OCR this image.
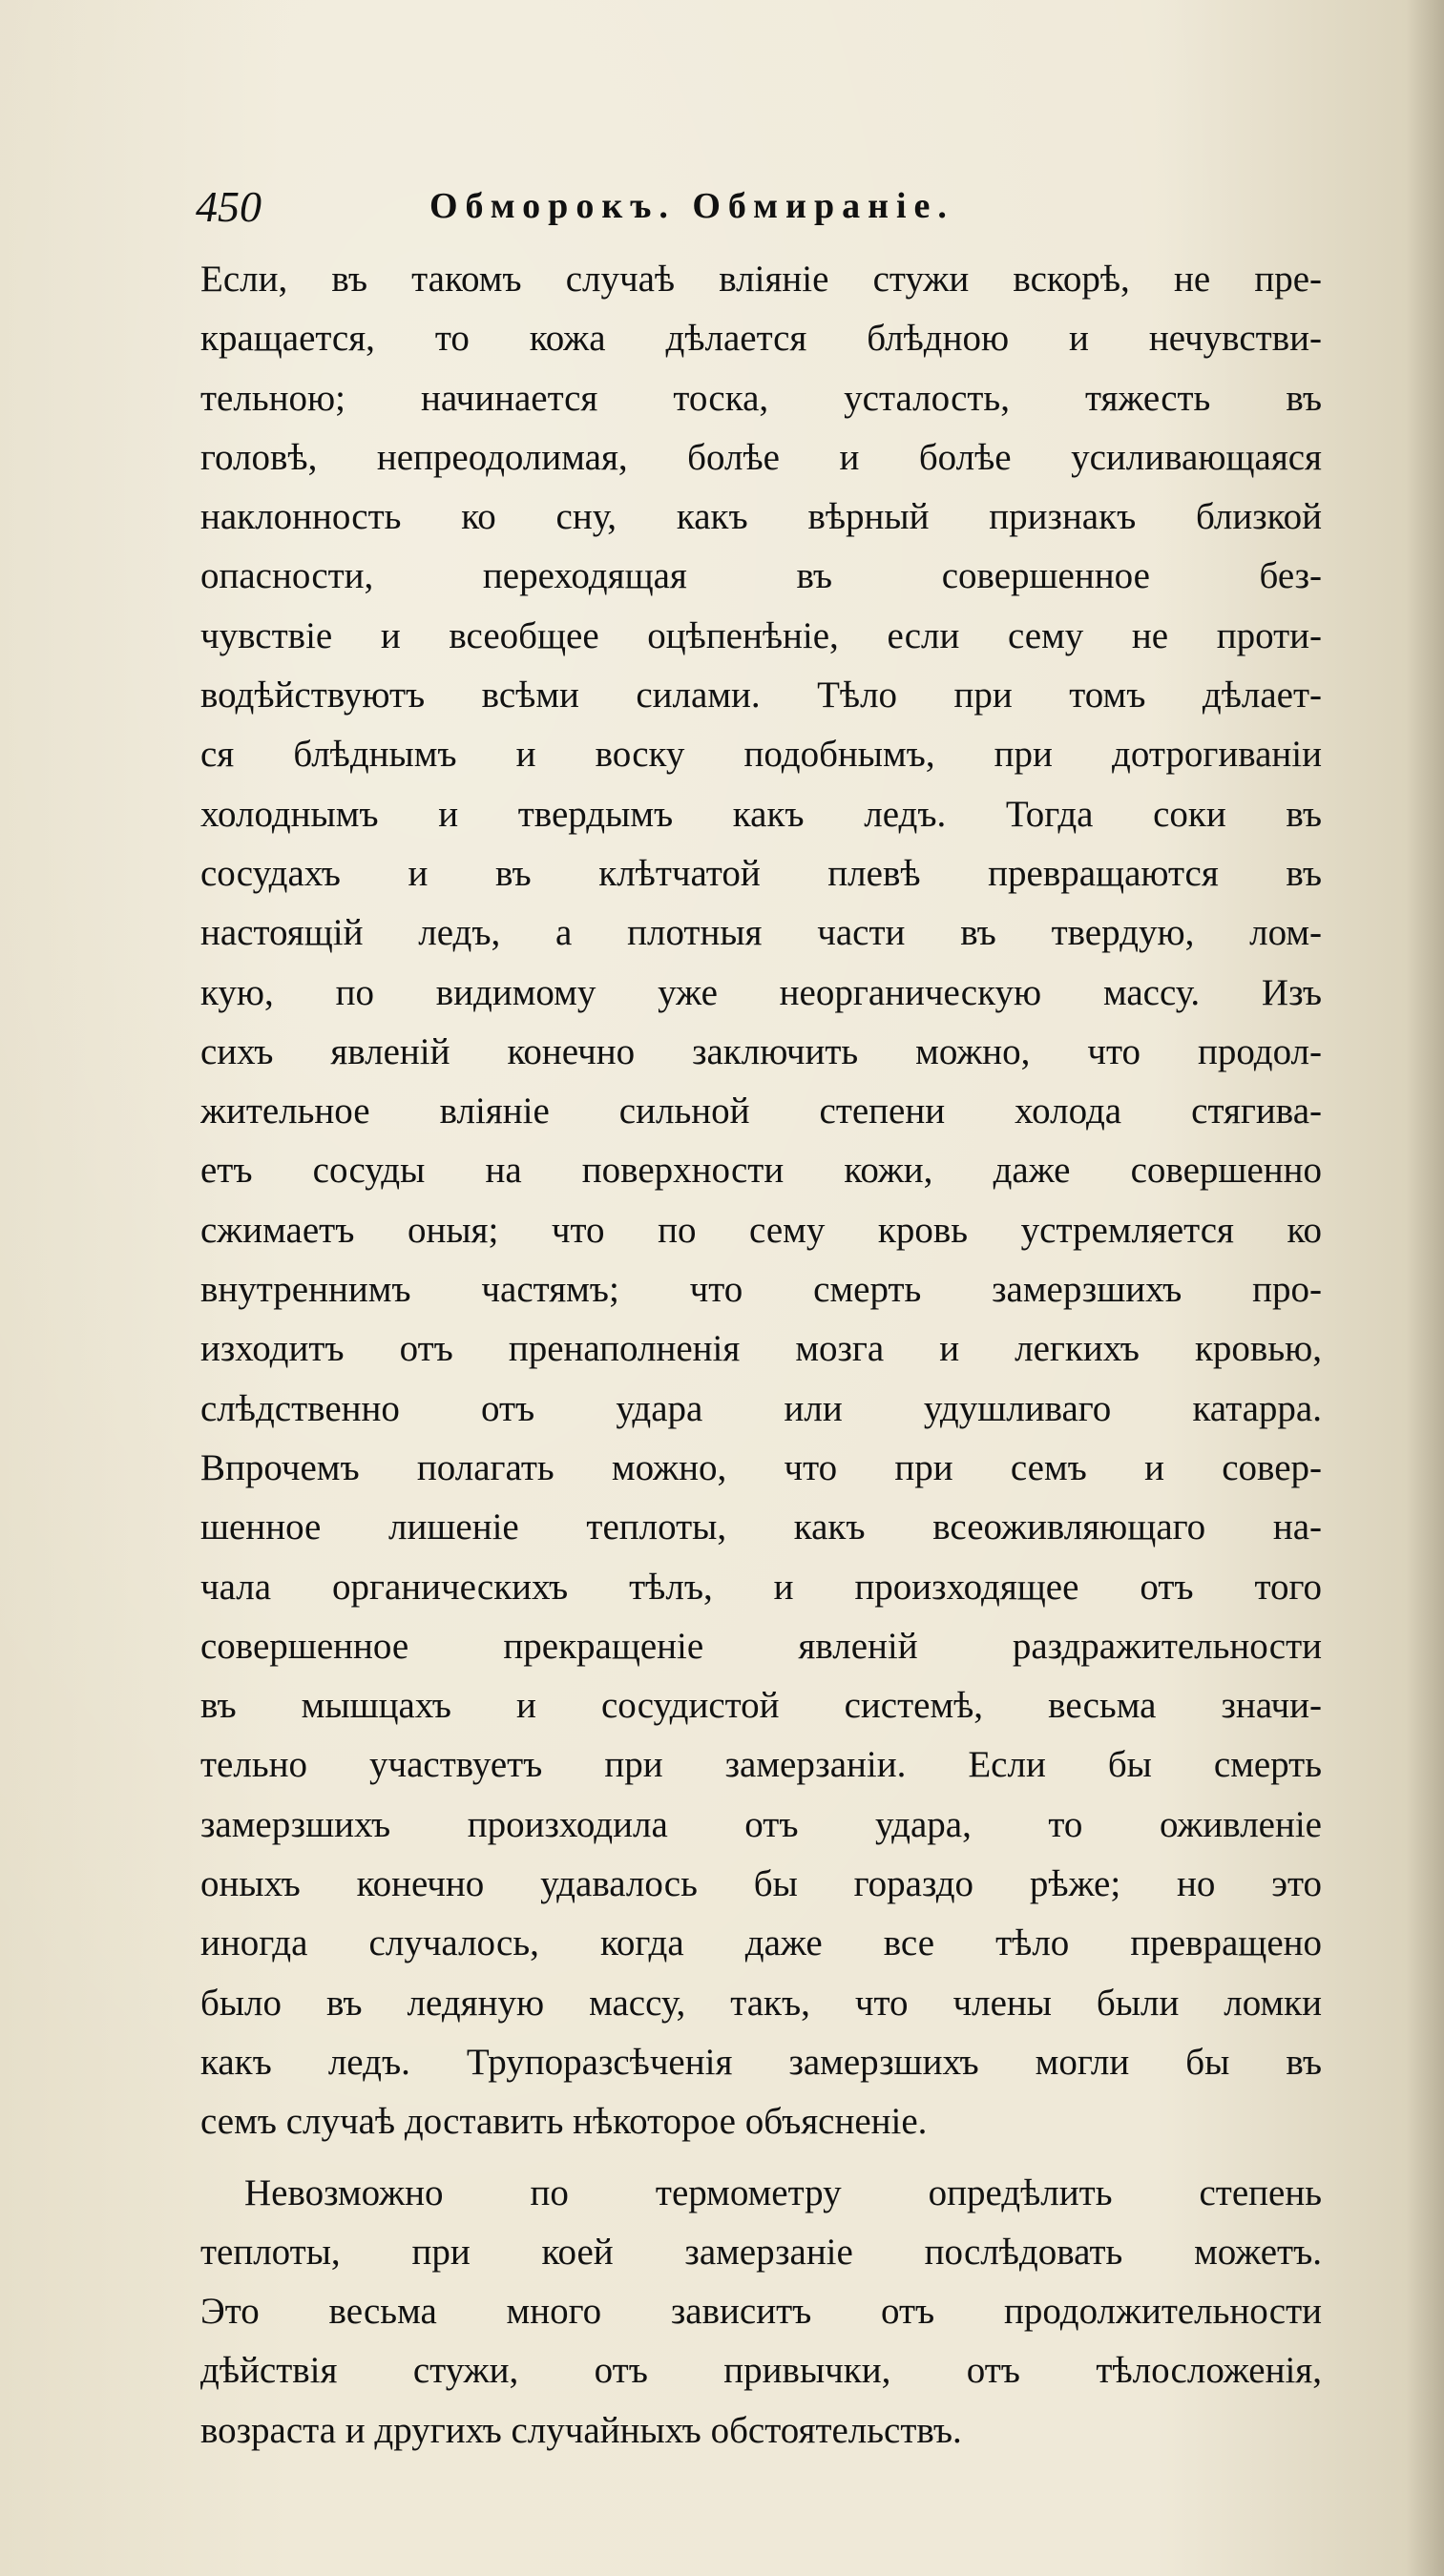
450	Обморокъ. Обмиранiе.
Если, въ такомъ случаѣ влiянiе стужи вскорѣ, не пре-
кращается, то кожа дѣлается блѣдною и нечувстви-
тельною; начинается тоска, усталость, тяжесть въ
головѣ, непреодолимая, болѣе и болѣе усиливающаяся
наклонность ко сну, какъ вѣрный признакъ близкой
опасности, переходящая въ совершенное без-
чувствiе и всеобщее оцѣпенѣнiе, если сему не проти-
водѣйствуютъ всѣми силами. Тѣло при томъ дѣлает-
ся блѣднымъ и воску подобнымъ, при дотрогиванiи
холоднымъ и твердымъ какъ ледъ. Тогда соки въ
сосудахъ и въ клѣтчатой плевѣ превращаются въ
настоящiй ледъ, а плотныя части въ твердую, лом-
кую, по видимому уже неорганическую массу. Изъ
сихъ явленiй конечно заключить можно, что продол-
жительное влiянiе сильной степени холода стягива-
етъ сосуды на поверхности кожи, даже совершенно
сжимаетъ оныя; что по сему кровь устремляется ко
внутреннимъ частямъ; что смерть замерзшихъ про-
изходитъ отъ пренаполненiя мозга и легкихъ кровью,
слѣдственно отъ удара или удушливаго катарра.
Впрочемъ полагать можно, что при семъ и совер-
шенное лишенiе теплоты, какъ всеоживляющаго на-
чала органическихъ тѣлъ, и произходящее отъ того
совершенное прекращенiе явленiй раздражительности
въ мышцахъ и сосудистой системѣ, весьма значи-
тельно участвуетъ при замерзанiи. Если бы смерть
замерзшихъ произходила отъ удара, то оживленiе
оныхъ конечно удавалось бы гораздо рѣже; но это
иногда случалось, когда даже все тѣло превращено
было въ ледяную массу, такъ, что члены были ломки
какъ ледъ. Трупоразсѣченiя замерзшихъ могли бы въ
семъ случаѣ доставить нѣкоторое объясненiе.
Невозможно по термометру опредѣлить степень
теплоты, при коей замерзанiе послѣдовать можетъ.
Это весьма много зависитъ отъ продолжительности
дѣйствiя стужи, отъ привычки, отъ тѣлосложенiя,
возраста и другихъ случайныхъ обстоятельствъ.
